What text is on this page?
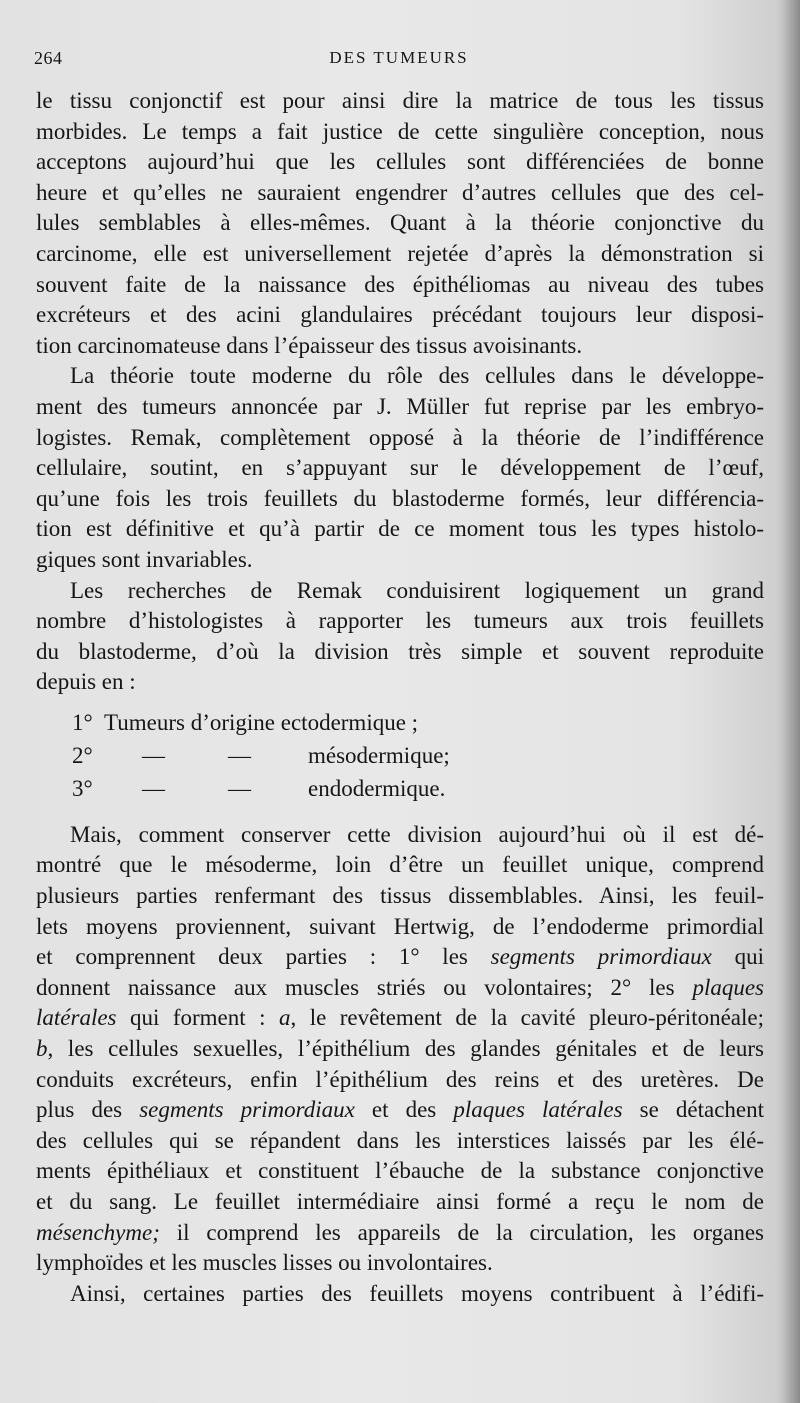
264	DES TUMEURS
le tissu conjonctif est pour ainsi dire la matrice de tous les tissus
morbides. Le temps a fait justice de cette singulière conception, nous
acceptons aujourd’hui que les cellules sont différenciées de bonne
heure et qu’elles ne sauraient engendrer d’autres cellules que des cel-
lules semblables à elles-mêmes. Quant à la théorie conjonctive du
carcinome, elle est universellement rejetée d’après la démonstration si
souvent faite de la naissance des épithéliomas au niveau des tubes
excréteurs et des acini glandulaires précédant toujours leur disposi-
tion carcinomateuse dans l’épaisseur des tissus avoisinants.
La théorie toute moderne du rôle des cellules dans le développe-
ment des tumeurs annoncée par J. Müller fut reprise par les embryo-
logistes. Remak, complètement opposé à la théorie de l’indifférence
cellulaire, soutint, en s’appuyant sur le développement de l’œuf,
qu’une fois les trois feuillets du blastoderme formés, leur différencia-
tion est définitive et qu’à partir de ce moment tous les types histolo-
giques sont invariables.
Les recherches de Remak conduisirent logiquement un grand
nombre d’histologistes à rapporter les tumeurs aux trois feuillets
du blastoderme, d’où la division très simple et souvent reproduite
depuis en :
1° Tumeurs d’origine ectodermique ;
2° —	— mésodermique;
3° —	— endodermique.
Mais, comment conserver cette division aujourd’hui où il est dé-
montré que le mésoderme, loin d’être un feuillet unique, comprend
plusieurs parties renfermant des tissus dissemblables. Ainsi, les feuil-
lets moyens proviennent, suivant Hertwig, de l’endoderme primordial
et comprennent deux parties : 1° les segments primordiaux qui
donnent naissance aux muscles striés ou volontaires; 2° les plaques
latérales qui forment : a, le revêtement de la cavité pleuro-péritonéale;
b, les cellules sexuelles, l’épithélium des glandes génitales et de leurs
conduits excréteurs, enfin l’épithélium des reins et des uretères. De
plus des segments primordiaux et des plaques latérales se détachent
des cellules qui se répandent dans les interstices laissés par les élé-
ments épithéliaux et constituent l’ébauche de la substance conjonctive
et du sang. Le feuillet intermédiaire ainsi formé a reçu le nom de
mésenchyme; il comprend les appareils de la circulation, les organes
lymphoïdes et les muscles lisses ou involontaires.
Ainsi, certaines parties des feuillets moyens contribuent à l’édifi-
